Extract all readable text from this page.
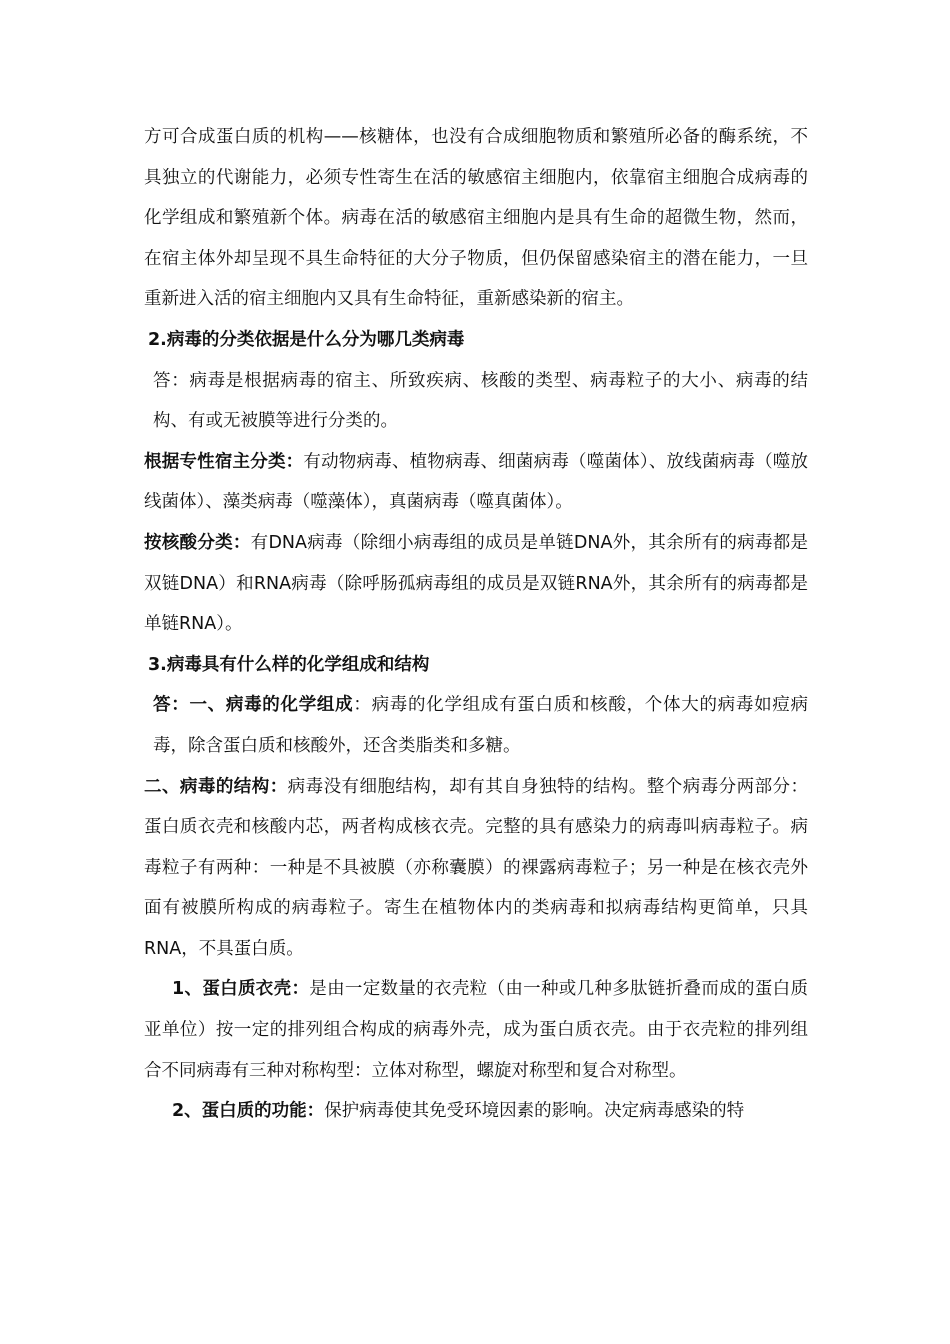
方可合成蛋白质的机构——核糖体，也没有合成细胞物质和繁殖所必备的酶系统，不具独立的代谢能力，必须专性寄生在活的敏感宿主细胞内，依靠宿主细胞合成病毒的化学组成和繁殖新个体。病毒在活的敏感宿主细胞内是具有生命的超微生物，然而，在宿主体外却呈现不具生命特征的大分子物质，但仍保留感染宿主的潜在能力，一旦重新进入活的宿主细胞内又具有生命特征，重新感染新的宿主。

2.病毒的分类依据是什么分为哪几类病毒

答：病毒是根据病毒的宿主、所致疾病、核酸的类型、病毒粒子的大小、病毒的结构、有或无被膜等进行分类的。

根据专性宿主分类：有动物病毒、植物病毒、细菌病毒（噬菌体）、放线菌病毒（噬放线菌体）、藻类病毒（噬藻体），真菌病毒（噬真菌体）。

按核酸分类：有DNA病毒（除细小病毒组的成员是单链DNA外，其余所有的病毒都是双链DNA）和RNA病毒（除呼肠孤病毒组的成员是双链RNA外，其余所有的病毒都是单链RNA）。

3.病毒具有什么样的化学组成和结构

答：一、病毒的化学组成：病毒的化学组成有蛋白质和核酸，个体大的病毒如痘病毒，除含蛋白质和核酸外，还含类脂类和多糖。

二、病毒的结构：病毒没有细胞结构，却有其自身独特的结构。整个病毒分两部分：蛋白质衣壳和核酸内芯，两者构成核衣壳。完整的具有感染力的病毒叫病毒粒子。病毒粒子有两种：一种是不具被膜（亦称囊膜）的裸露病毒粒子；另一种是在核衣壳外面有被膜所构成的病毒粒子。寄生在植物体内的类病毒和拟病毒结构更简单，只具RNA，不具蛋白质。

1、蛋白质衣壳：是由一定数量的衣壳粒（由一种或几种多肽链折叠而成的蛋白质亚单位）按一定的排列组合构成的病毒外壳，成为蛋白质衣壳。由于衣壳粒的排列组合不同病毒有三种对称构型：立体对称型，螺旋对称型和复合对称型。

2、蛋白质的功能：保护病毒使其免受环境因素的影响。决定病毒感染的特
